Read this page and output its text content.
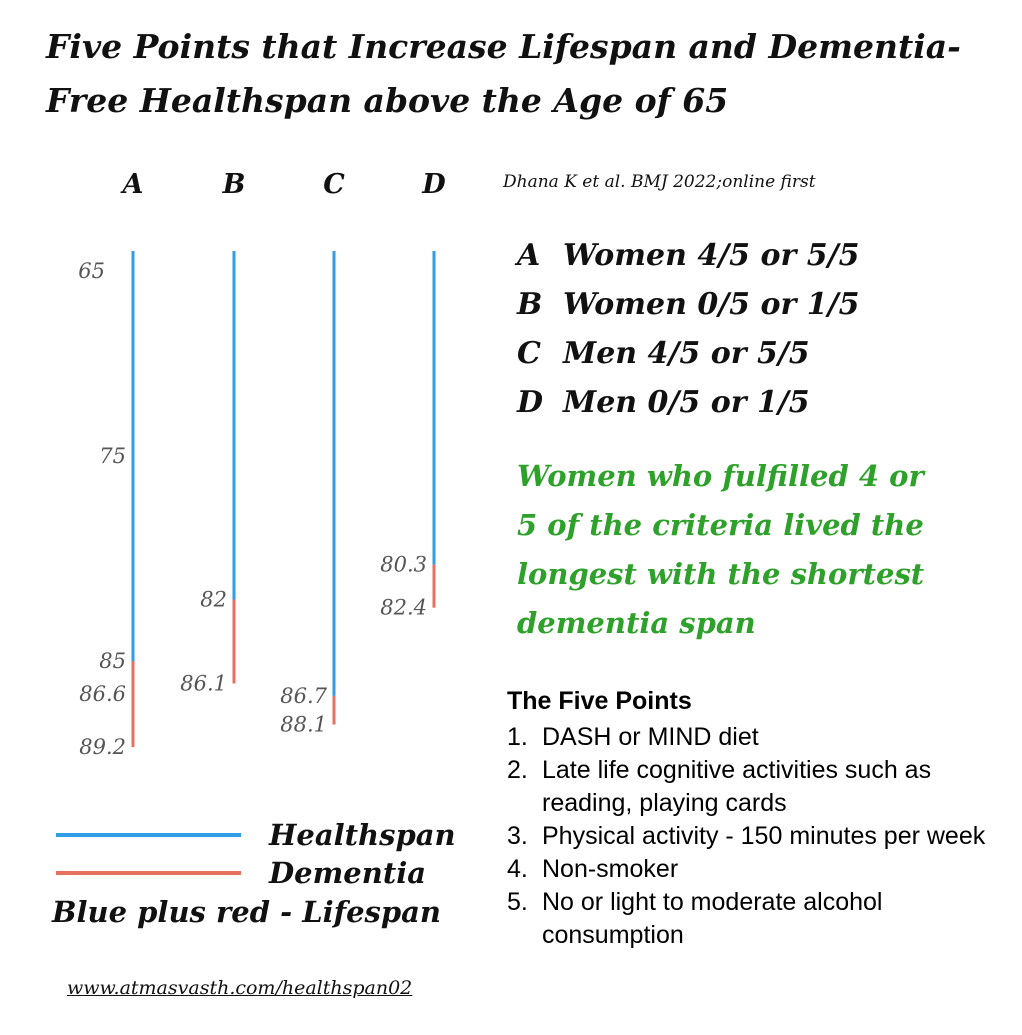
Five Points that Increase Lifespan and Dementia-Free Healthspan above the Age of 65
Dhana K et al. BMJ 2022;online first
A	B	C	D
65
75
85
86.6
89.2
82
86.1
86.7
88.1
80.3
82.4
A Women 4/5 or 5/5
B Women 0/5 or 1/5
C Men 4/5 or 5/5
D Men 0/5 or 1/5

Women who fulfilled 4 or 5 of the criteria lived the longest with the shortest dementia span

The Five Points
1. DASH or MIND diet
2. Late life cognitive activities such as reading, playing cards
3. Physical activity - 150 minutes per week
4. Non-smoker
5. No or light to moderate alcohol consumption
Healthspan
Dementia
Blue plus red - Lifespan
www.atmasvasth.com/healthspan02
